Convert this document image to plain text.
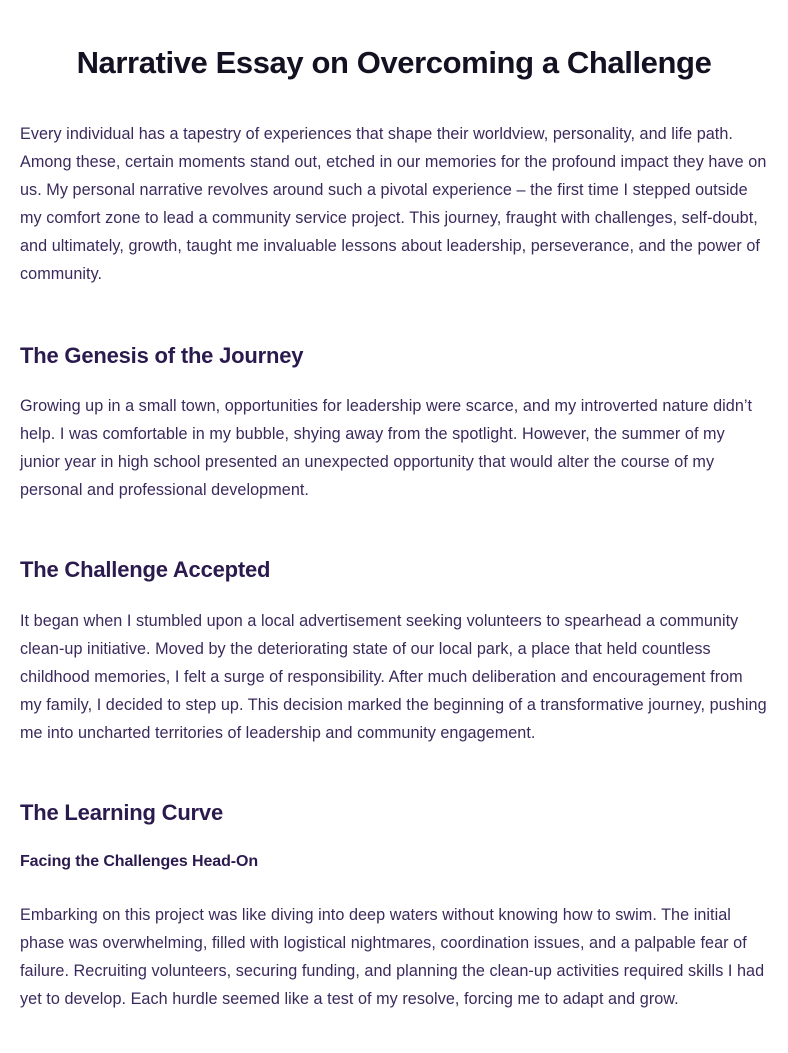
Narrative Essay on Overcoming a Challenge

Every individual has a tapestry of experiences that shape their worldview, personality, and life path. Among these, certain moments stand out, etched in our memories for the profound impact they have on us. My personal narrative revolves around such a pivotal experience – the first time I stepped outside my comfort zone to lead a community service project. This journey, fraught with challenges, self-doubt, and ultimately, growth, taught me invaluable lessons about leadership, perseverance, and the power of community.

The Genesis of the Journey

Growing up in a small town, opportunities for leadership were scarce, and my introverted nature didn’t help. I was comfortable in my bubble, shying away from the spotlight. However, the summer of my junior year in high school presented an unexpected opportunity that would alter the course of my personal and professional development.

The Challenge Accepted

It began when I stumbled upon a local advertisement seeking volunteers to spearhead a community clean-up initiative. Moved by the deteriorating state of our local park, a place that held countless childhood memories, I felt a surge of responsibility. After much deliberation and encouragement from my family, I decided to step up. This decision marked the beginning of a transformative journey, pushing me into uncharted territories of leadership and community engagement.

The Learning Curve
Facing the Challenges Head-On

Embarking on this project was like diving into deep waters without knowing how to swim. The initial phase was overwhelming, filled with logistical nightmares, coordination issues, and a palpable fear of failure. Recruiting volunteers, securing funding, and planning the clean-up activities required skills I had yet to develop. Each hurdle seemed like a test of my resolve, forcing me to adapt and grow.
